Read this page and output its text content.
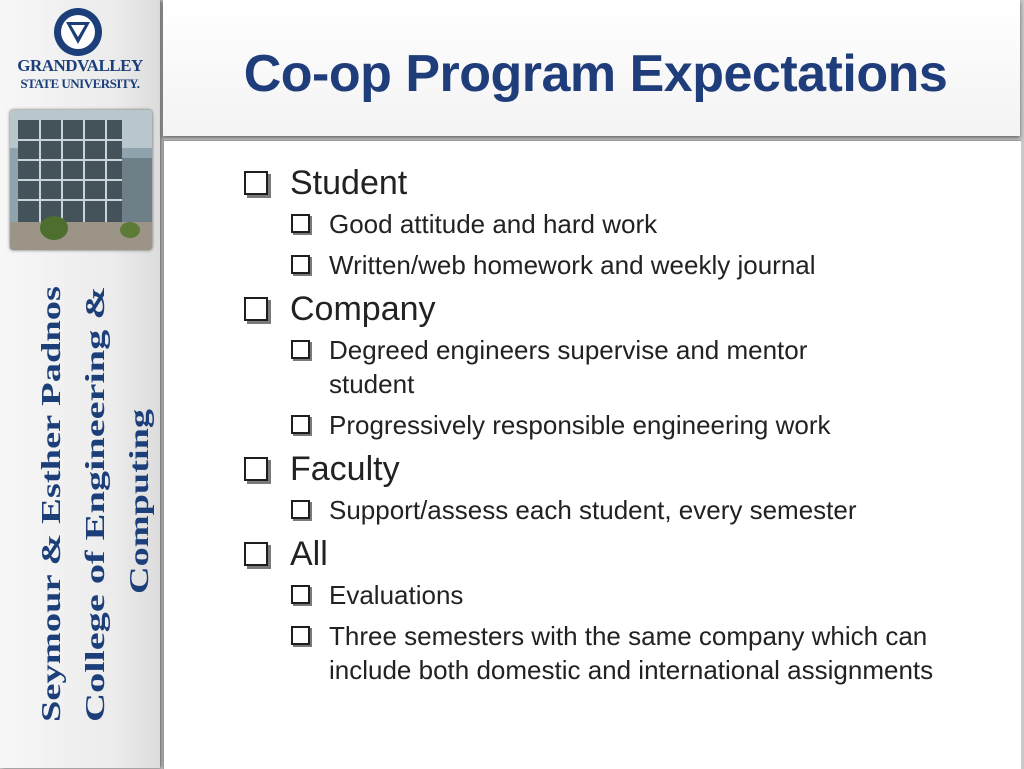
GRANDVALLEY
STATE UNIVERSITY.
Seymour & Esther Padnos College of Engineering & Computing
Co-op Program Expectations
Student
Good attitude and hard work
Written/web homework and weekly journal
Company
Degreed engineers supervise and mentor student
Progressively responsible engineering work
Faculty
Support/assess each student, every semester
All
Evaluations
Three semesters with the same company which can include both domestic and international assignments
